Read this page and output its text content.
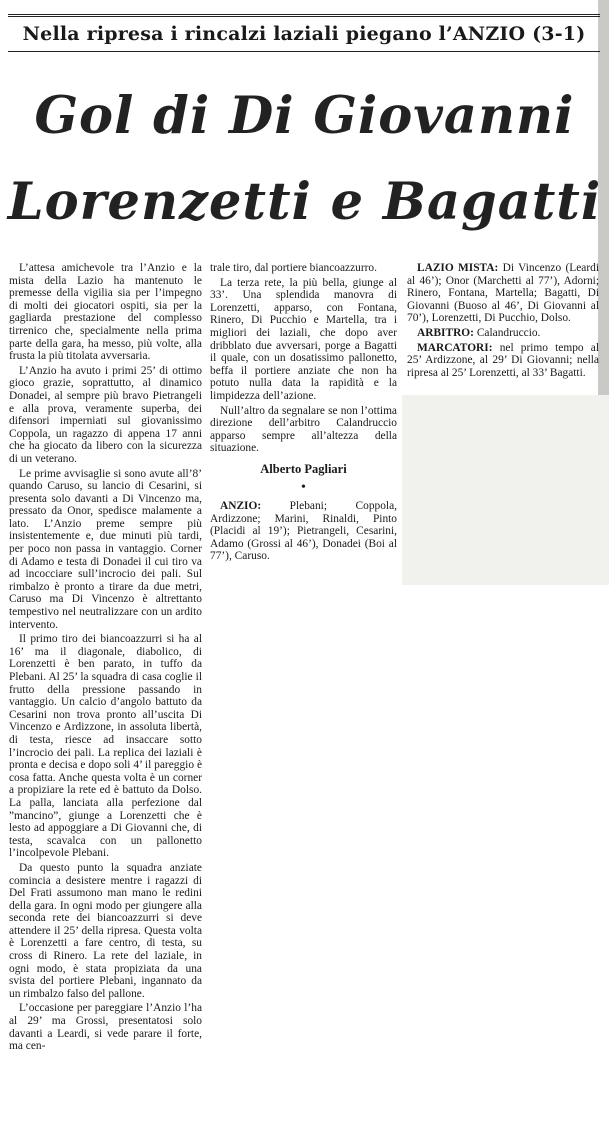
Nella ripresa i rincalzi laziali piegano l’ANZIO (3-1)
Gol di Di Giovanni
Lorenzetti e Bagatti

L’attesa amichevole tra l’Anzio e la mista della Lazio ha mantenuto le premesse della vigilia sia per l’impegno di molti dei giocatori ospiti, sia per la gagliarda prestazione del complesso tirrenico che, specialmente nella prima parte della gara, ha messo, più volte, alla frusta la più titolata avversaria.

L’Anzio ha avuto i primi 25’ di ottimo gioco grazie, soprattutto, al dinamico Donadei, al sempre più bravo Pietrangeli e alla prova, veramente superba, dei difensori imperniati sul giovanissimo Coppola, un ragazzo di appena 17 anni che ha giocato da libero con la sicurezza di un veterano.

Le prime avvisaglie si sono avute all’8’ quando Caruso, su lancio di Cesarini, si presenta solo davanti a Di Vincenzo ma, pressato da Onor, spedisce malamente a lato. L’Anzio preme sempre più insistentemente e, due minuti più tardi, per poco non passa in vantaggio. Corner di Adamo e testa di Donadei il cui tiro va ad incocciare sull’incrocio dei pali. Sul rimbalzo è pronto a tirare da due metri, Caruso ma Di Vincenzo è altrettanto tempestivo nel neutralizzare con un ardito intervento.

Il primo tiro dei biancoazzurri si ha al 16’ ma il diagonale, diabolico, di Lorenzetti è ben parato, in tuffo da Plebani. Al 25’ la squadra di casa coglie il frutto della pressione passando in vantaggio. Un calcio d’angolo battuto da Cesarini non trova pronto all’uscita Di Vincenzo e Ardizzone, in assoluta libertà, di testa, riesce ad insaccare sotto l’incrocio dei pali. La replica dei laziali è pronta e decisa e dopo soli 4’ il pareggio è cosa fatta. Anche questa volta è un corner a propiziare la rete ed è battuto da Dolso. La palla, lanciata alla perfezione dal ”mancino”, giunge a Lorenzetti che è lesto ad appoggiare a Di Giovanni che, di testa, scavalca con un pallonetto l’incolpevole Plebani.

Da questo punto la squadra anziate comincia a desistere mentre i ragazzi di Del Frati assumono man mano le redini della gara. In ogni modo per giungere alla seconda rete dei biancoazzurri si deve attendere il 25’ della ripresa. Questa volta è Lorenzetti a fare centro, di testa, su cross di Rinero. La rete del laziale, in ogni modo, è stata propiziata da una svista del portiere Plebani, ingannato da un rimbalzo falso del pallone.

L’occasione per pareggiare l’Anzio l’ha al 29’ ma Grossi, presentatosi solo davanti a Leardi, si vede parare il forte, ma cen-

trale tiro, dal portiere biancoazzurro.

La terza rete, la più bella, giunge al 33’. Una splendida manovra di Lorenzetti, apparso, con Fontana, Rinero, Di Pucchio e Martella, tra i migliori dei laziali, che dopo aver dribblato due avversari, porge a Bagatti il quale, con un dosatissimo pallonetto, beffa il portiere anziate che non ha potuto nulla data la rapidità e la limpidezza dell’azione.

Null’altro da segnalare se non l’ottima direzione dell’arbitro Calandruccio apparso sempre all’altezza della situazione.

Alberto Pagliari
•

ANZIO:	Plebani; Coppola, Ardizzone; Marini, Rinaldi, Pinto (Placidi al 19’); Pietrangeli, Cesarini, Adamo (Grossi al 46’), Donadei (Boi al 77’), Caruso.

LAZIO MISTA: Di Vincenzo (Leardi al 46’); Onor (Marchetti al 77’), Adorni; Rinero, Fontana, Martella; Bagatti, Di Giovanni (Buoso al 46’, Di Giovanni al 70’), Lorenzetti, Di Pucchio, Dolso.

ARBITRO: Calandruccio.

MARCATORI: nel primo tempo al 25’ Ardizzone, al 29’ Di Giovanni; nella ripresa al 25’ Lorenzetti, al 33’ Bagatti.
